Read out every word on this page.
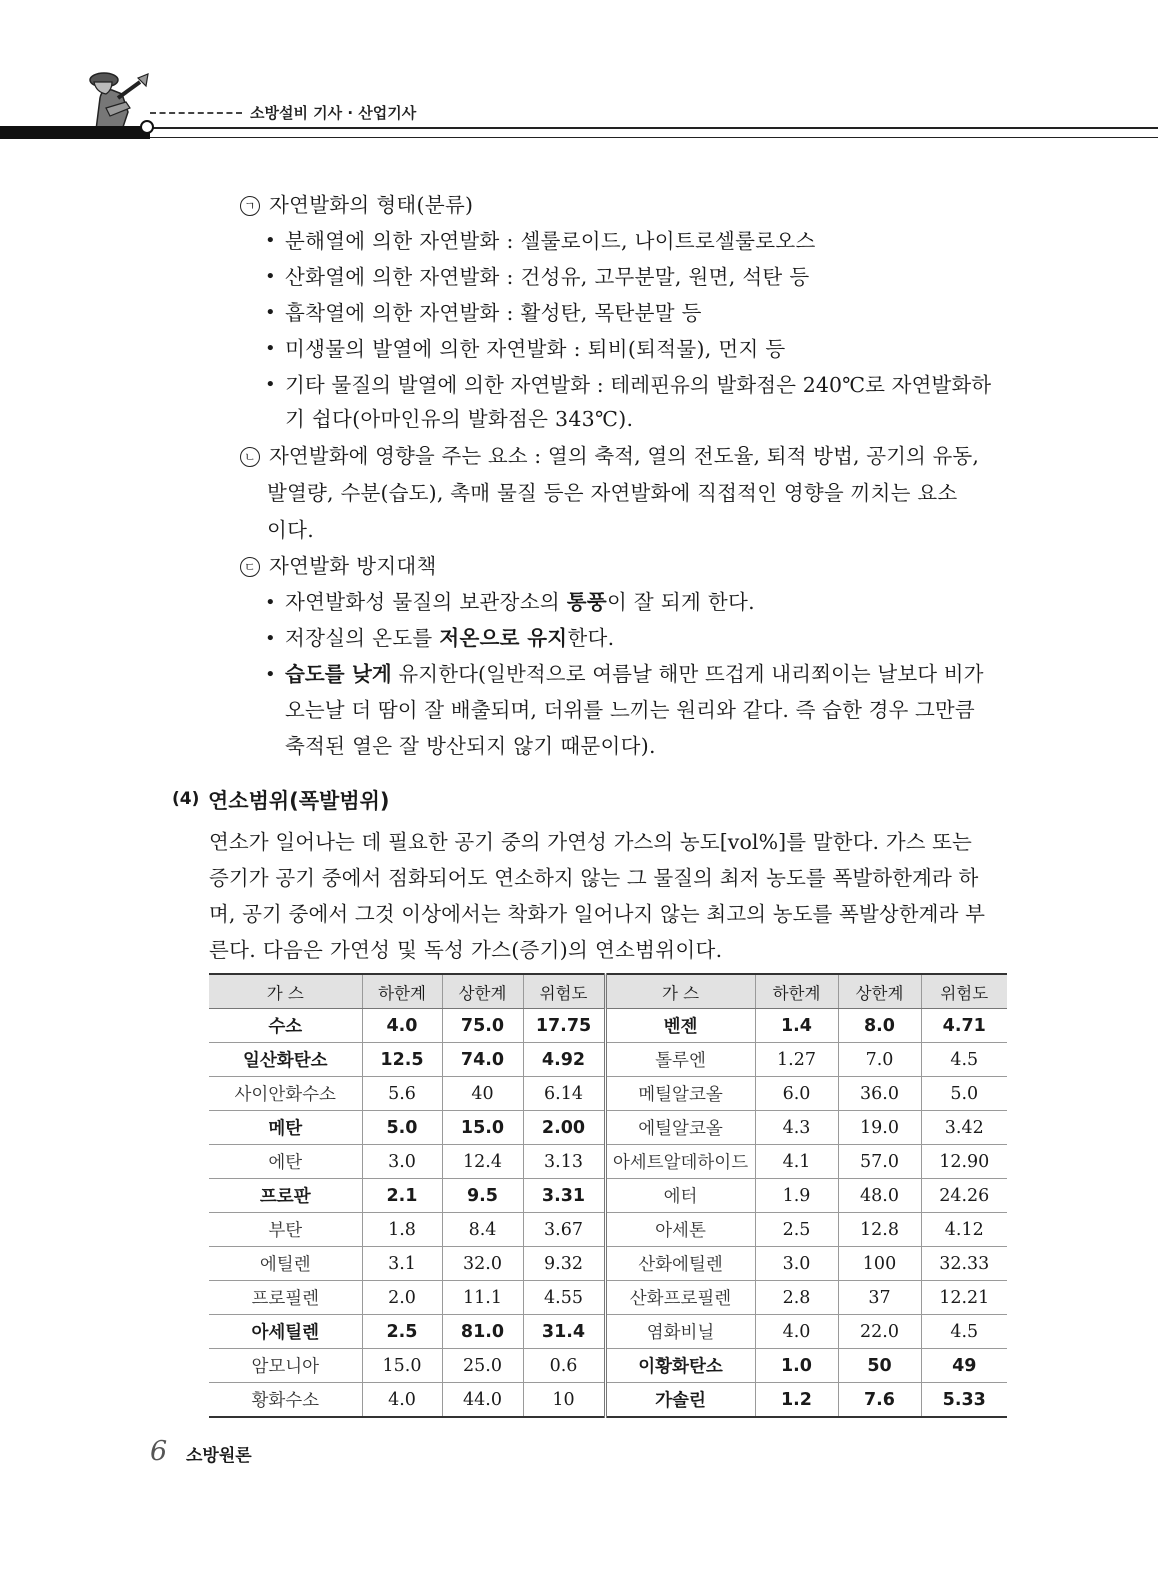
소방설비 기사 · 산업기사
ㄱ 자연발화의 형태(분류)
• 분해열에 의한 자연발화 : 셀룰로이드, 나이트로셀룰로오스
• 산화열에 의한 자연발화 : 건성유, 고무분말, 원면, 석탄 등
• 흡착열에 의한 자연발화 : 활성탄, 목탄분말 등
• 미생물의 발열에 의한 자연발화 : 퇴비(퇴적물), 먼지 등
• 기타 물질의 발열에 의한 자연발화 : 테레핀유의 발화점은 240℃로 자연발화하
기 쉽다(아마인유의 발화점은 343℃).
ㄴ 자연발화에 영향을 주는 요소 : 열의 축적, 열의 전도율, 퇴적 방법, 공기의 유동,
발열량, 수분(습도), 촉매 물질 등은 자연발화에 직접적인 영향을 끼치는 요소
이다.
ㄷ 자연발화 방지대책
• 자연발화성 물질의 보관장소의 통풍이 잘 되게 한다.
• 저장실의 온도를 저온으로 유지한다.
• 습도를 낮게 유지한다(일반적으로 여름날 해만 뜨겁게 내리쬐이는 날보다 비가
오는날 더 땀이 잘 배출되며, 더위를 느끼는 원리와 같다. 즉 습한 경우 그만큼
축적된 열은 잘 방산되지 않기 때문이다).
(4) 연소범위(폭발범위)
연소가 일어나는 데 필요한 공기 중의 가연성 가스의 농도[vol%]를 말한다. 가스 또는
증기가 공기 중에서 점화되어도 연소하지 않는 그 물질의 최저 농도를 폭발하한계라 하
며, 공기 중에서 그것 이상에서는 착화가 일어나지 않는 최고의 농도를 폭발상한계라 부
른다. 다음은 가연성 및 독성 가스(증기)의 연소범위이다.
가 스	하한계	상한계	위험도	가 스	하한계	상한계	위험도
수소	4.0	75.0	17.75	벤젠	1.4	8.0	4.71
일산화탄소	12.5	74.0	4.92	톨루엔	1.27	7.0	4.5
사이안화수소	5.6	40	6.14	메틸알코올	6.0	36.0	5.0
메탄	5.0	15.0	2.00	에틸알코올	4.3	19.0	3.42
에탄	3.0	12.4	3.13	아세트알데하이드	4.1	57.0	12.90
프로판	2.1	9.5	3.31	에터	1.9	48.0	24.26
부탄	1.8	8.4	3.67	아세톤	2.5	12.8	4.12
에틸렌	3.1	32.0	9.32	산화에틸렌	3.0	100	32.33
프로필렌	2.0	11.1	4.55	산화프로필렌	2.8	37	12.21
아세틸렌	2.5	81.0	31.4	염화비닐	4.0	22.0	4.5
암모니아	15.0	25.0	0.6	이황화탄소	1.0	50	49
황화수소	4.0	44.0	10	가솔린	1.2	7.6	5.33
6 소방원론
